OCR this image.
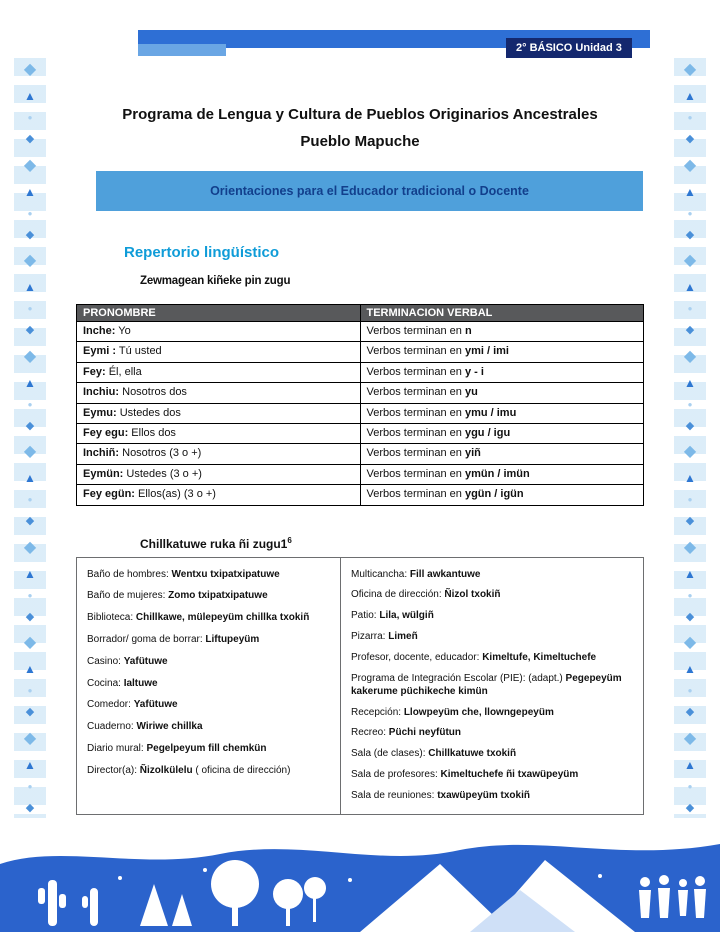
◆
▲
●
◆
◆
▲
●
◆
◆
▲
●
◆
◆
▲
●
◆
◆
▲
●
◆
◆
▲
●
◆
◆
▲
●
◆
◆
▲
●
◆
◆
▲
●
◆
◆
▲
●
◆
◆
▲
●
◆
◆
▲
●
◆
◆
▲
●
◆
◆
▲
●
◆
◆
▲
●
◆
◆
▲
●
◆
2° BÁSICO Unidad 3
Programa de Lengua y Cultura de Pueblos Originarios Ancestrales
Pueblo Mapuche
Orientaciones para el Educador tradicional o Docente
Repertorio lingüístico
Zewmagean kiñeke pin zugu
PRONOMBRE	TERMINACION VERBAL
Inche: Yo	Verbos terminan en n
Eymi : Tú usted	Verbos terminan en ymi / imi
Fey: Él, ella	Verbos terminan en y - i
Inchiu: Nosotros dos	Verbos terminan en yu
Eymu: Ustedes dos	Verbos terminan en ymu / imu
Fey egu: Ellos dos	Verbos terminan en ygu / igu
Inchiñ: Nosotros (3 o +)	Verbos terminan en yiñ
Eymün: Ustedes (3 o +)	Verbos terminan en ymün / imün
Fey egün: Ellos(as) (3 o +)	Verbos terminan en ygün / igün
Chillkatuwe ruka ñi $zugu1^6$
Baño de hombres: Wentxu txipatxipatuwe
Baño de mujeres: Zomo txipatxipatuwe
Biblioteca: Chillkawe, mülepeyüm chillka txokiñ
Borrador/ goma de borrar: Liftupeyüm
Casino: Yafütuwe
Cocina: Ialtuwe
Comedor: Yafütuwe
Cuaderno: Wiriwe chillka
Diario mural: Pegelpeyum fill chemkün
Director(a): Ñizolkülelu ( oficina de dirección)
Multicancha: Fill awkantuwe
Oficina de dirección: Ñizol txokiñ
Patio: Lila, wülgiñ
Pizarra: Limeñ
Profesor, docente, educador: Kimeltufe, Kimeltuchefe
Programa de Integración Escolar (PIE): (adapt.) Pegepeyüm kakerume püchikeche kimün
Recepción: Llowpeyüm che, llowngepeyüm
Recreo: Püchi neyfütun
Sala (de clases): Chillkatuwe txokiñ
Sala de profesores: Kimeltuchefe ñi txawüpeyüm
Sala de reuniones: txawüpeyüm txokiñ
